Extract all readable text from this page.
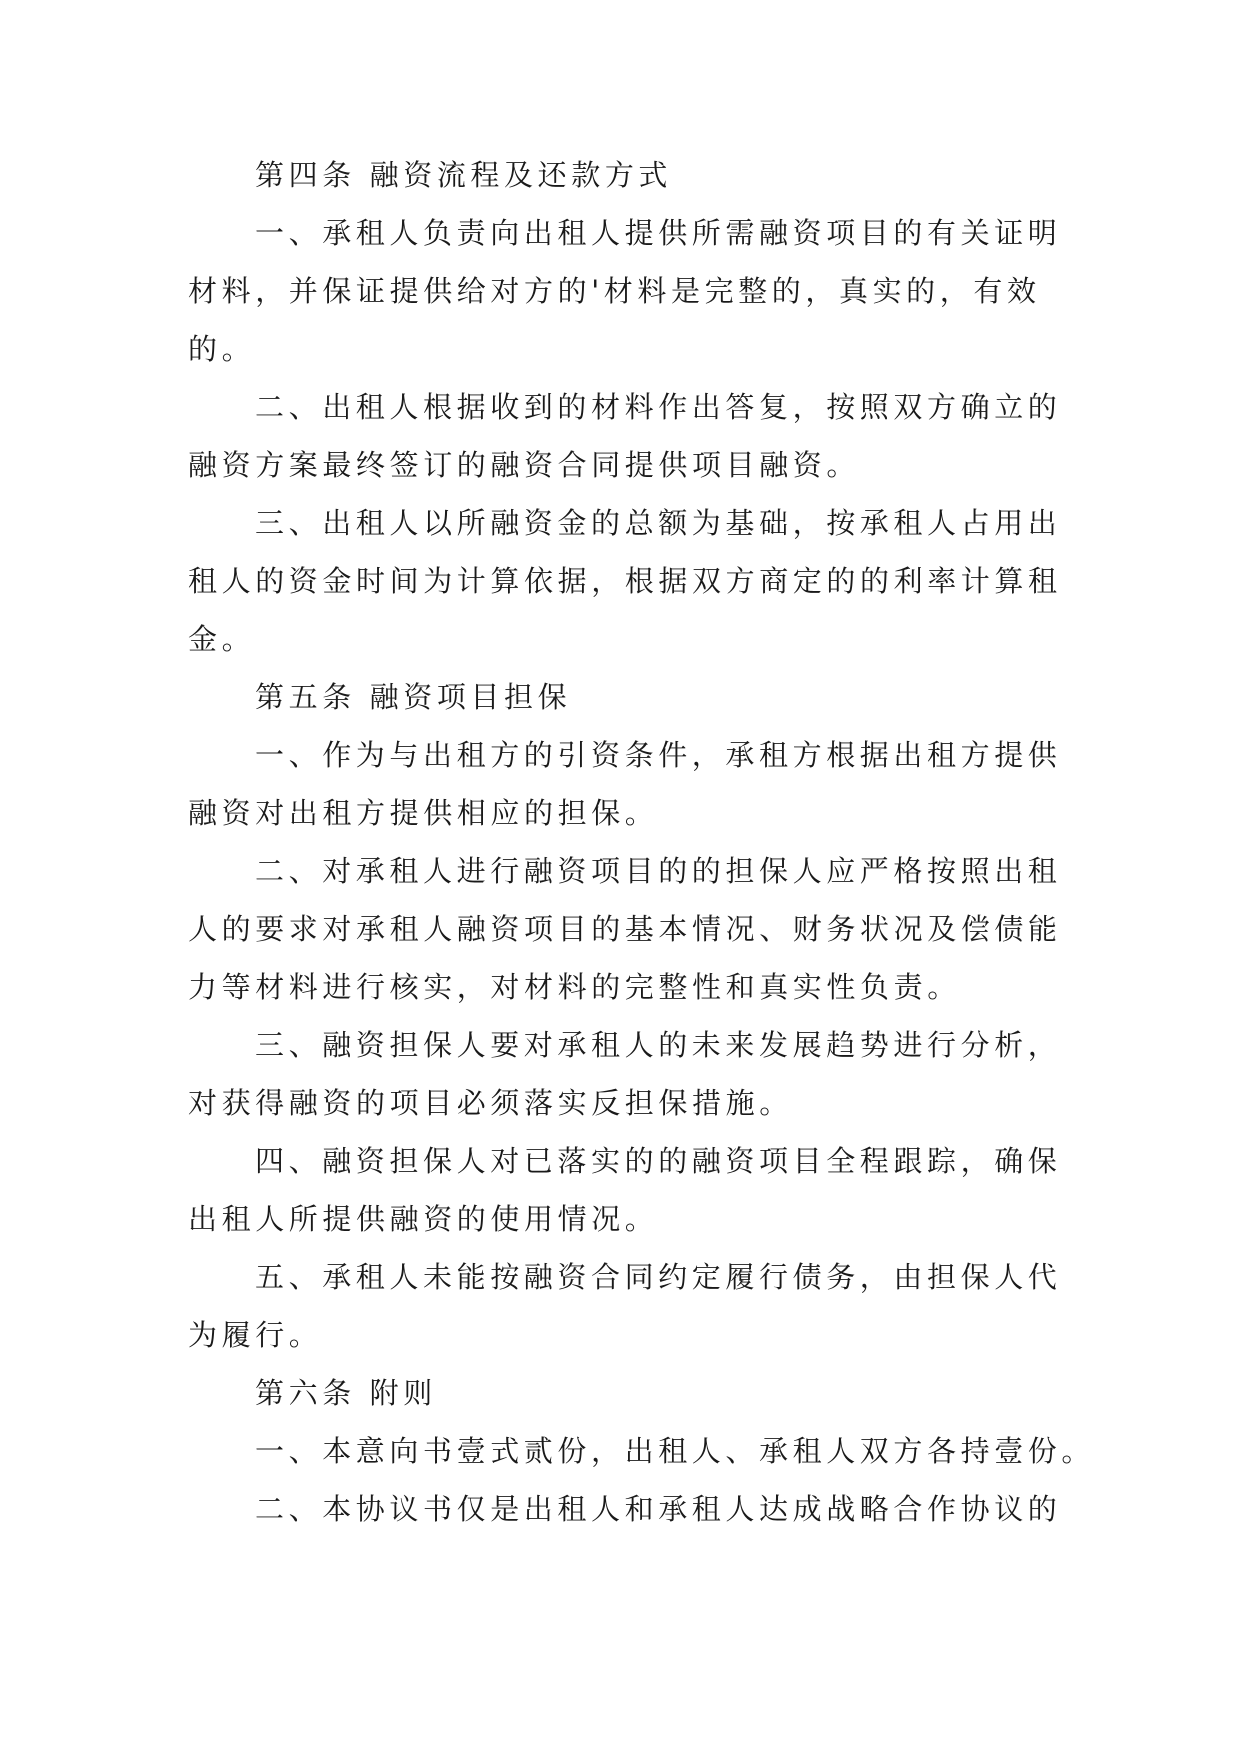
第四条 融资流程及还款方式
一、承租人负责向出租人提供所需融资项目的有关证明
材料，并保证提供给对方的'材料是完整的，真实的，有效
的。
二、出租人根据收到的材料作出答复，按照双方确立的
融资方案最终签订的融资合同提供项目融资。
三、出租人以所融资金的总额为基础，按承租人占用出
租人的资金时间为计算依据，根据双方商定的的利率计算租
金。
第五条 融资项目担保
一、作为与出租方的引资条件，承租方根据出租方提供
融资对出租方提供相应的担保。
二、对承租人进行融资项目的的担保人应严格按照出租
人的要求对承租人融资项目的基本情况、财务状况及偿债能
力等材料进行核实，对材料的完整性和真实性负责。
三、融资担保人要对承租人的未来发展趋势进行分析，
对获得融资的项目必须落实反担保措施。
四、融资担保人对已落实的的融资项目全程跟踪，确保
出租人所提供融资的使用情况。
五、承租人未能按融资合同约定履行债务，由担保人代
为履行。
第六条 附则
一、本意向书壹式贰份，出租人、承租人双方各持壹份。
二、本协议书仅是出租人和承租人达成战略合作协议的
